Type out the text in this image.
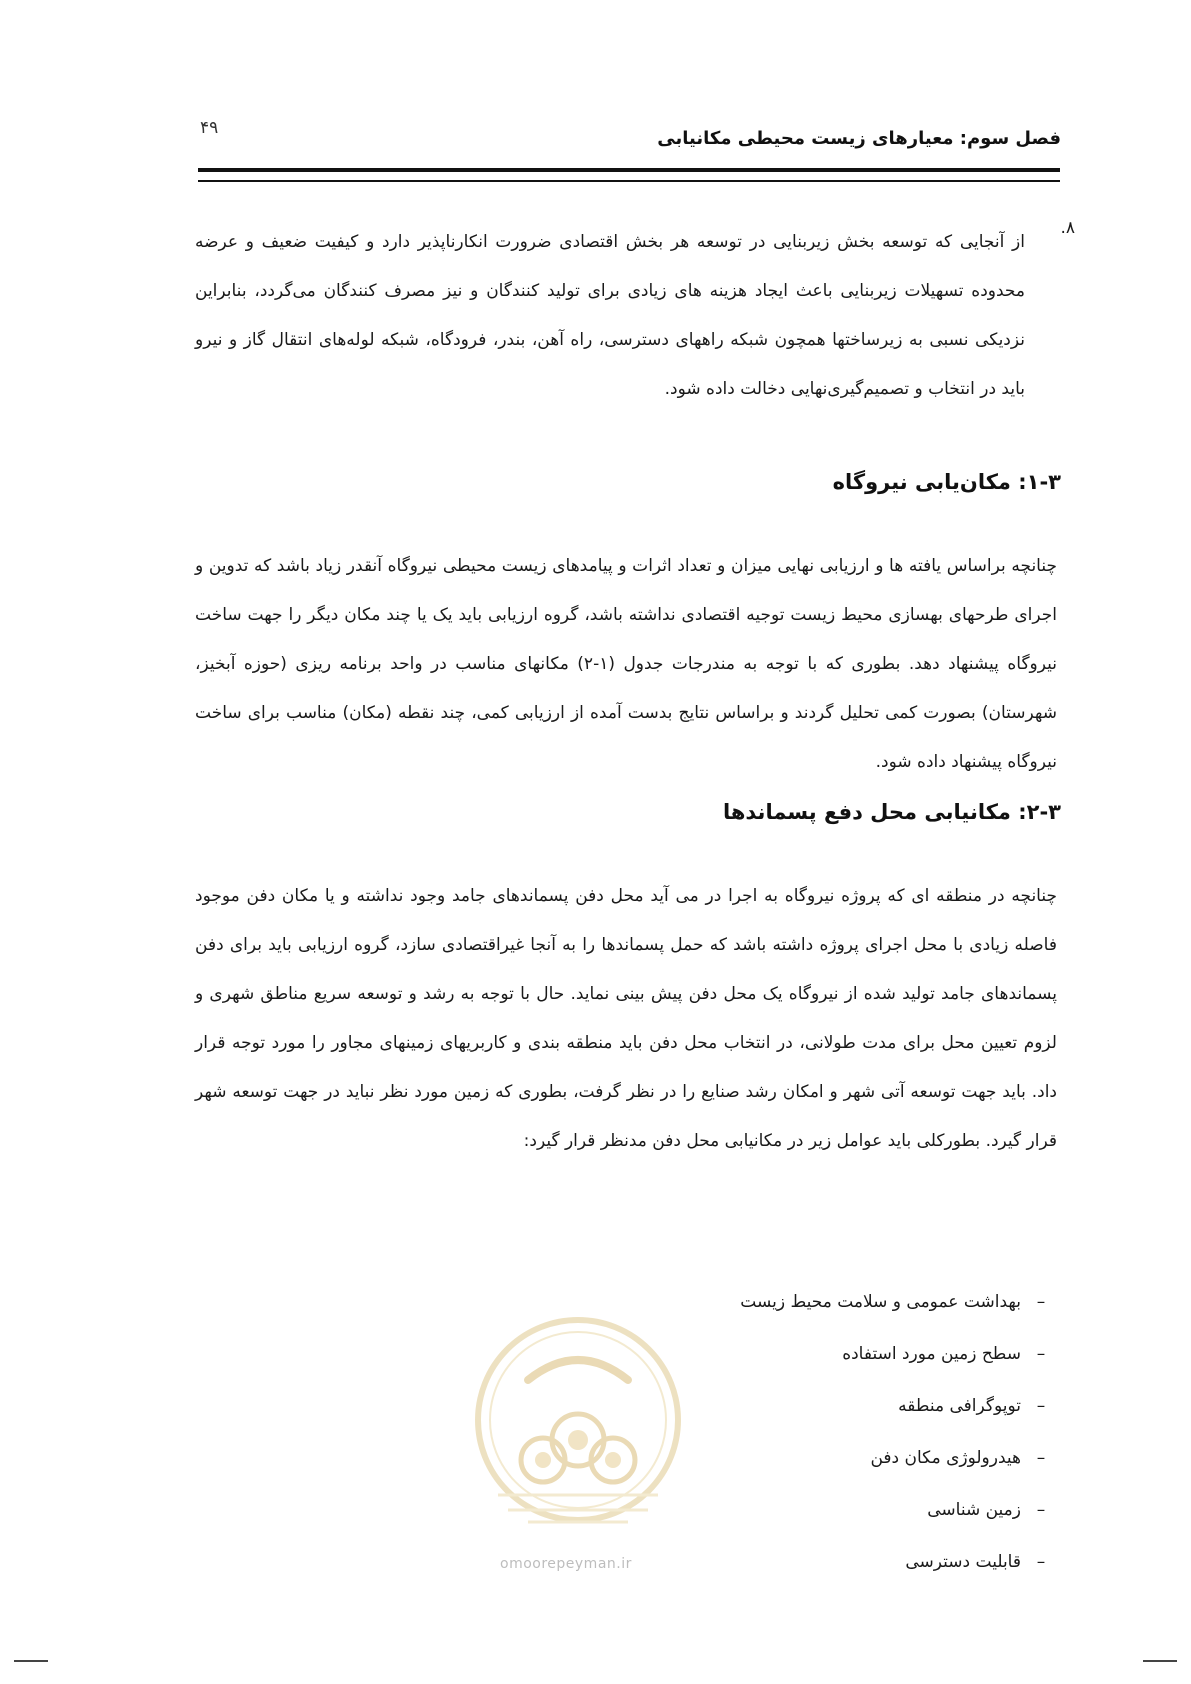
۴۹	فصل سوم: معیارهای زیست محیطی مکانیابی
۸.

از آنجایی که توسعه بخش زیربنایی در توسعه هر بخش اقتصادی ضرورت انکارناپذیر دارد و کیفیت ضعیف و عرضه محدوده تسهیلات زیربنایی باعث ایجاد هزینه های زیادی برای تولید کنندگان و نیز مصرف کنندگان می‌گردد، بنابراین نزدیکی نسبی به زیرساختها همچون شبکه راههای دسترسی، راه آهن، بندر، فرودگاه، شبکه لوله‌های انتقال گاز و نیرو باید در انتخاب و تصمیم‌گیری‌نهایی دخالت داده شود.

۱-۳: مکان‌یابی نیروگاه

چنانچه براساس یافته ها و ارزیابی نهایی میزان و تعداد اثرات و پیامدهای زیست محیطی نیروگاه آنقدر زیاد باشد که تدوین و اجرای طرحهای بهسازی محیط زیست توجیه اقتصادی نداشته باشد، گروه ارزیابی باید یک یا چند مکان دیگر را جهت ساخت نیروگاه پیشنهاد دهد. بطوری که با توجه به مندرجات جدول (۱-۲) مکانهای مناسب در واحد برنامه ریزی (حوزه آبخیز، شهرستان) بصورت کمی تحلیل گردند و براساس نتایج بدست آمده از ارزیابی کمی، چند نقطه (مکان) مناسب برای ساخت نیروگاه پیشنهاد داده شود.

۲-۳: مکانیابی محل دفع پسماندها

چنانچه در منطقه ای که پروژه نیروگاه به اجرا در می آید محل دفن پسماندهای جامد وجود نداشته و یا مکان دفن موجود فاصله زیادی با محل اجرای پروژه داشته باشد که حمل پسماندها را به آنجا غیراقتصادی سازد، گروه ارزیابی باید برای دفن پسماندهای جامد تولید شده از نیروگاه یک محل دفن پیش بینی نماید. حال با توجه به رشد و توسعه سریع مناطق شهری و لزوم تعیین محل برای مدت طولانی، در انتخاب محل دفن باید منطقه بندی و کاربریهای زمینهای مجاور را مورد توجه قرار داد. باید جهت توسعه آتی شهر و امکان رشد صنایع را در نظر گرفت، بطوری که زمین مورد نظر نباید در جهت توسعه شهر قرار گیرد. بطورکلی باید عوامل زیر در مکانیابی محل دفن مدنظر قرار گیرد:

–
بهداشت عمومی و سلامت محیط زیست
–
سطح زمین مورد استفاده
–
توپوگرافی منطقه
–
هیدرولوژی مکان دفن
–
زمین شناسی
–
قابلیت دسترسی
omoorepeyman.ir
